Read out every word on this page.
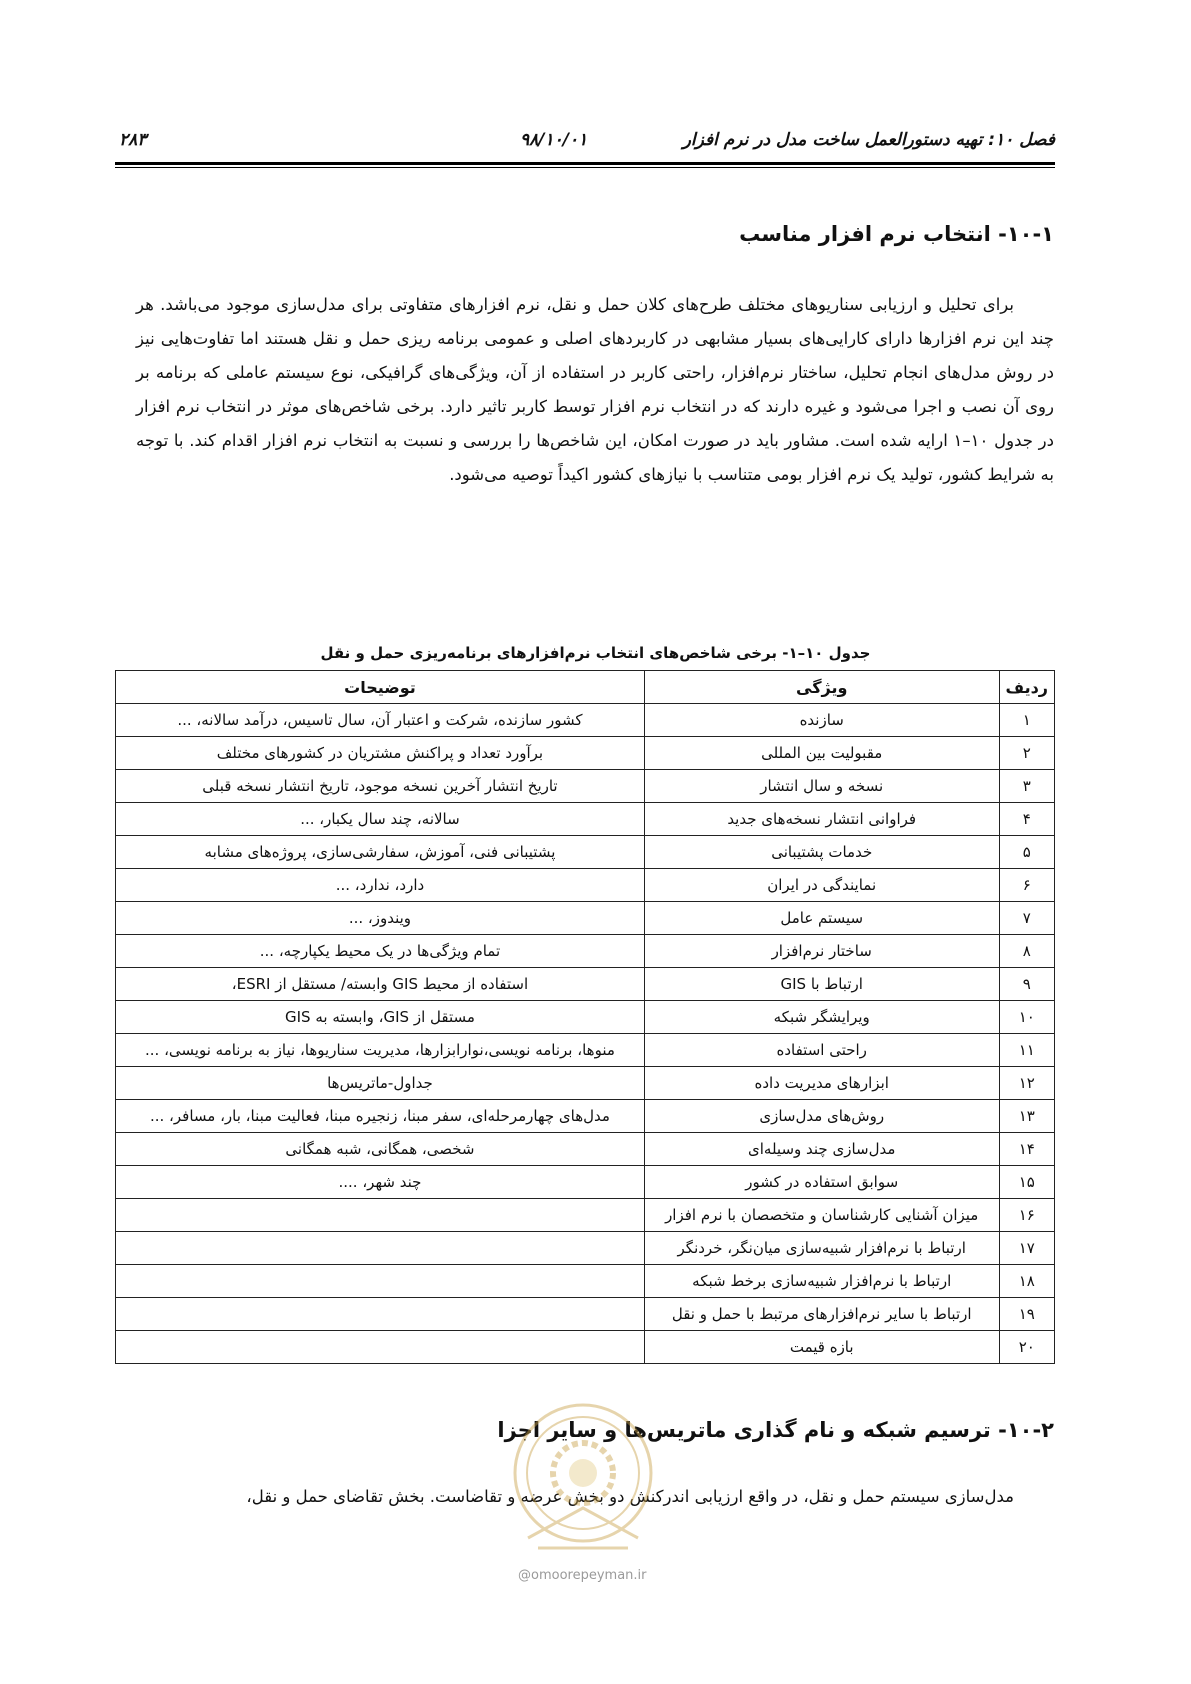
فصل ۱۰: تهیه دستورالعمل ساخت مدل در نرم افزار
۹۸/۱۰/۰۱
۲۸۳
۱۰-۱- انتخاب نرم افزار مناسب

برای تحلیل و ارزیابی سناریوهای مختلف طرح‌های کلان حمل و نقل، نرم افزارهای متفاوتی برای مدل‌سازی موجود می‌باشد. هر چند این نرم افزارها دارای کارایی‌های بسیار مشابهی در کاربردهای اصلی و عمومی برنامه ریزی حمل و نقل هستند اما تفاوت‌هایی نیز در روش مدل‌های انجام تحلیل، ساختار نرم‌افزار، راحتی کاربر در استفاده از آن، ویژگی‌های گرافیکی، نوع سیستم عاملی که برنامه بر روی آن نصب و اجرا می‌شود و غیره دارند که در انتخاب نرم افزار توسط کاربر تاثیر دارد. برخی شاخص‌های موثر در انتخاب نرم افزار در جدول ۱۰–۱ ارایه شده است. مشاور باید در صورت امکان، این شاخص‌ها را بررسی و نسبت به انتخاب نرم افزار اقدام کند. با توجه به شرایط کشور، تولید یک نرم افزار بومی متناسب با نیازهای کشور اکیداً توصیه می‌شود.

جدول ۱۰–۱- برخی شاخص‌های انتخاب نرم‌افزارهای برنامه‌ریزی حمل و نقل
ردیف	ویژگی	توضیحات
۱	سازنده	کشور سازنده، شرکت و اعتبار آن، سال تاسیس، درآمد سالانه، ...
۲	مقبولیت بین المللی	برآورد تعداد و پراکنش مشتریان در کشورهای مختلف
۳	نسخه و سال انتشار	تاریخ انتشار آخرین نسخه موجود، تاریخ انتشار نسخه قبلی
۴	فراوانی انتشار نسخه‌های جدید	سالانه، چند سال یکبار، ...
۵	خدمات پشتیبانی	پشتیبانی فنی، آموزش، سفارشی‌سازی، پروژه‌های مشابه
۶	نمایندگی در ایران	دارد، ندارد، ...
۷	سیستم عامل	ویندوز، ...
۸	ساختار نرم‌افزار	تمام ویژگی‌ها در یک محیط یکپارچه، ...
۹	ارتباط با GIS	استفاده از محیط GIS وابسته/ مستقل از ESRI،
۱۰	ویرایشگر شبکه	مستقل از GIS، وابسته به GIS
۱۱	راحتی استفاده	منوها، برنامه نویسی،نوارابزارها، مدیریت سناریوها، نیاز به برنامه نویسی، ...
۱۲	ابزارهای مدیریت داده	جداول-ماتریس‌ها
۱۳	روش‌های مدل‌سازی	مدل‌های چهارمرحله‌ای، سفر مبنا، زنجیره مبنا، فعالیت مبنا، بار، مسافر، ...
۱۴	مدل‌سازی چند وسیله‌ای	شخصی، همگانی، شبه همگانی
۱۵	سوابق استفاده در کشور	چند شهر، ....
۱۶	میزان آشنایی کارشناسان و متخصصان با نرم افزار	
۱۷	ارتباط با نرم‌افزار شبیه‌سازی میان‌نگر، خردنگر	
۱۸	ارتباط با نرم‌افزار شبیه‌سازی برخط شبکه	
۱۹	ارتباط با سایر نرم‌افزارهای مرتبط با حمل و نقل	
۲۰	بازه قیمت	
۱۰-۲- ترسیم شبکه و نام گذاری ماتریس‌ها و سایر اجزا

مدل‌سازی سیستم حمل و نقل، در واقع ارزیابی اندرکنش دو بخش عرضه و تقاضاست. بخش تقاضای حمل و نقل،

@omoorepeyman.ir
